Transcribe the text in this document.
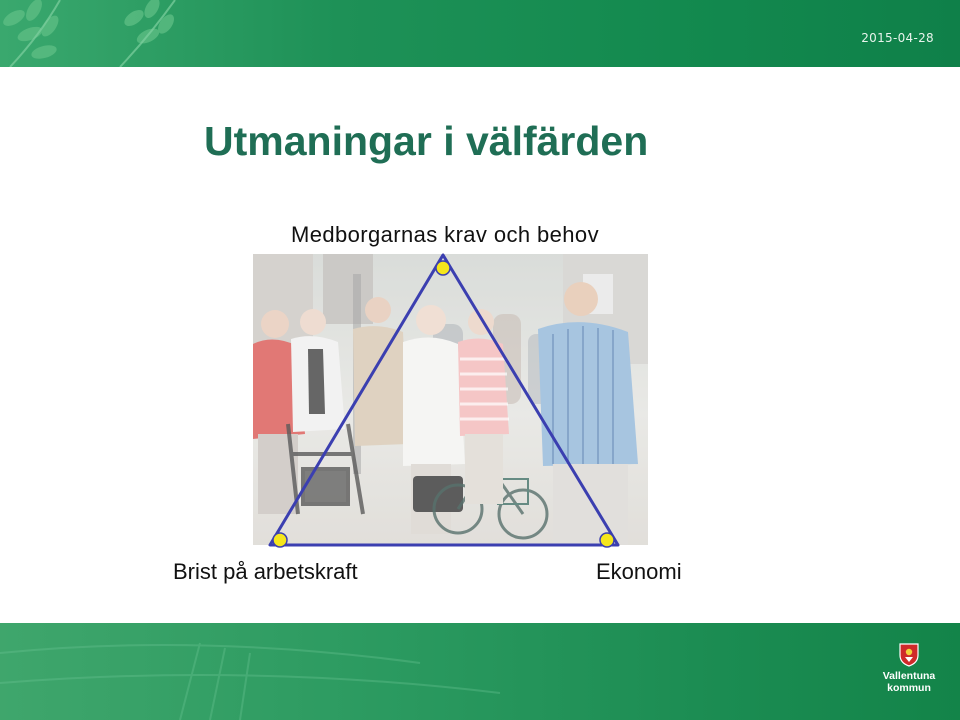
2015-04-28
Utmaningar i välfärden
Medborgarnas krav och behov
Brist på arbetskraft	Ekonomi
Vallentuna
kommun
